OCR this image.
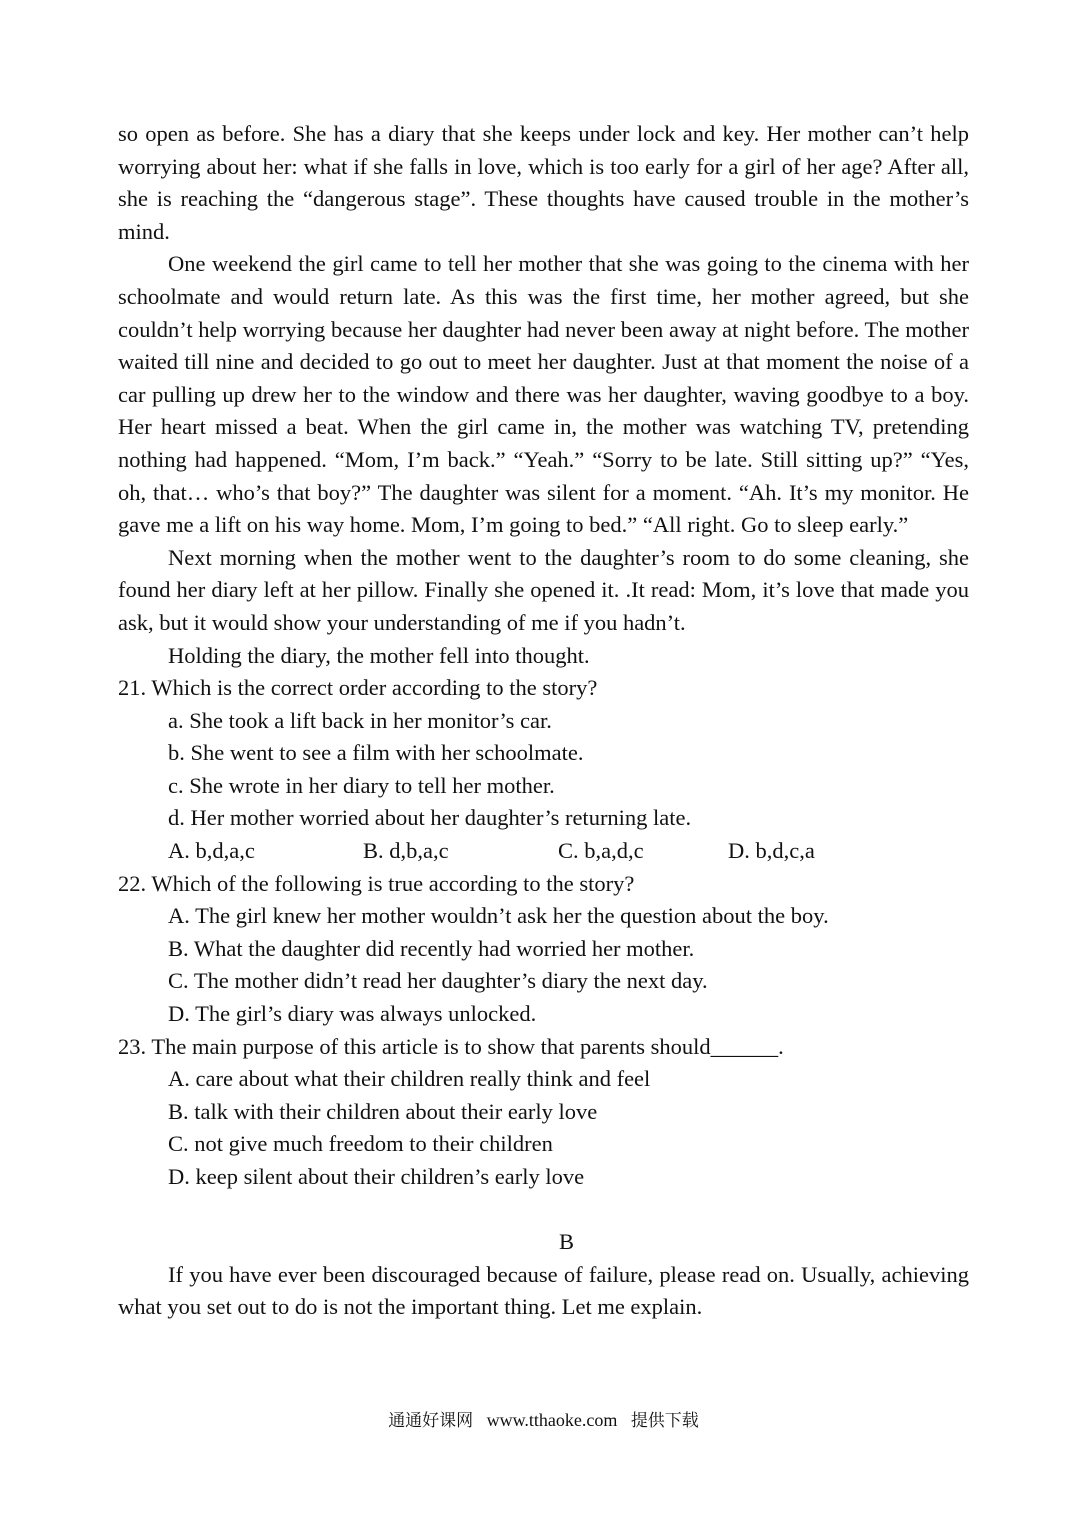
so open as before. She has a diary that she keeps under lock and key. Her mother can’t help worrying about her: what if she falls in love, which is too early for a girl of her age? After all, she is reaching the “dangerous stage”. These thoughts have caused trouble in the mother’s mind.

One weekend the girl came to tell her mother that she was going to the cinema with her schoolmate and would return late. As this was the first time, her mother agreed, but she couldn’t help worrying because her daughter had never been away at night before. The mother waited till nine and decided to go out to meet her daughter. Just at that moment the noise of a car pulling up drew her to the window and there was her daughter, waving goodbye to a boy. Her heart missed a beat. When the girl came in, the mother was watching TV, pretending nothing had happened. “Mom, I’m back.” “Yeah.” “Sorry to be late. Still sitting up?” “Yes, oh, that… who’s that boy?” The daughter was silent for a moment. “Ah. It’s my monitor. He gave me a lift on his way home. Mom, I’m going to bed.” “All right. Go to sleep early.”

Next morning when the mother went to the daughter’s room to do some cleaning, she found her diary left at her pillow. Finally she opened it. .It read: Mom, it’s love that made you ask, but it would show your understanding of me if you hadn’t.

Holding the diary, the mother fell into thought.

21. Which is the correct order according to the story?

a. She took a lift back in her monitor’s car.

b. She went to see a film with her schoolmate.

c. She wrote in her diary to tell her mother.

d. Her mother worried about her daughter’s returning late.

A. b,d,a,c	B. d,b,a,c	C. b,a,d,c	D. b,d,c,a

22. Which of the following is true according to the story?

A. The girl knew her mother wouldn’t ask her the question about the boy.

B. What the daughter did recently had worried her mother.

C. The mother didn’t read her daughter’s diary the next day.

D. The girl’s diary was always unlocked.

23. The main purpose of this article is to show that parents should______.

A. care about what their children really think and feel

B. talk with their children about their early love

C. not give much freedom to their children

D. keep silent about their children’s early love

B

If you have ever been discouraged because of failure, please read on. Usually, achieving what you set out to do is not the important thing. Let me explain.

通通好课网 www.tthaoke.com 提供下载
